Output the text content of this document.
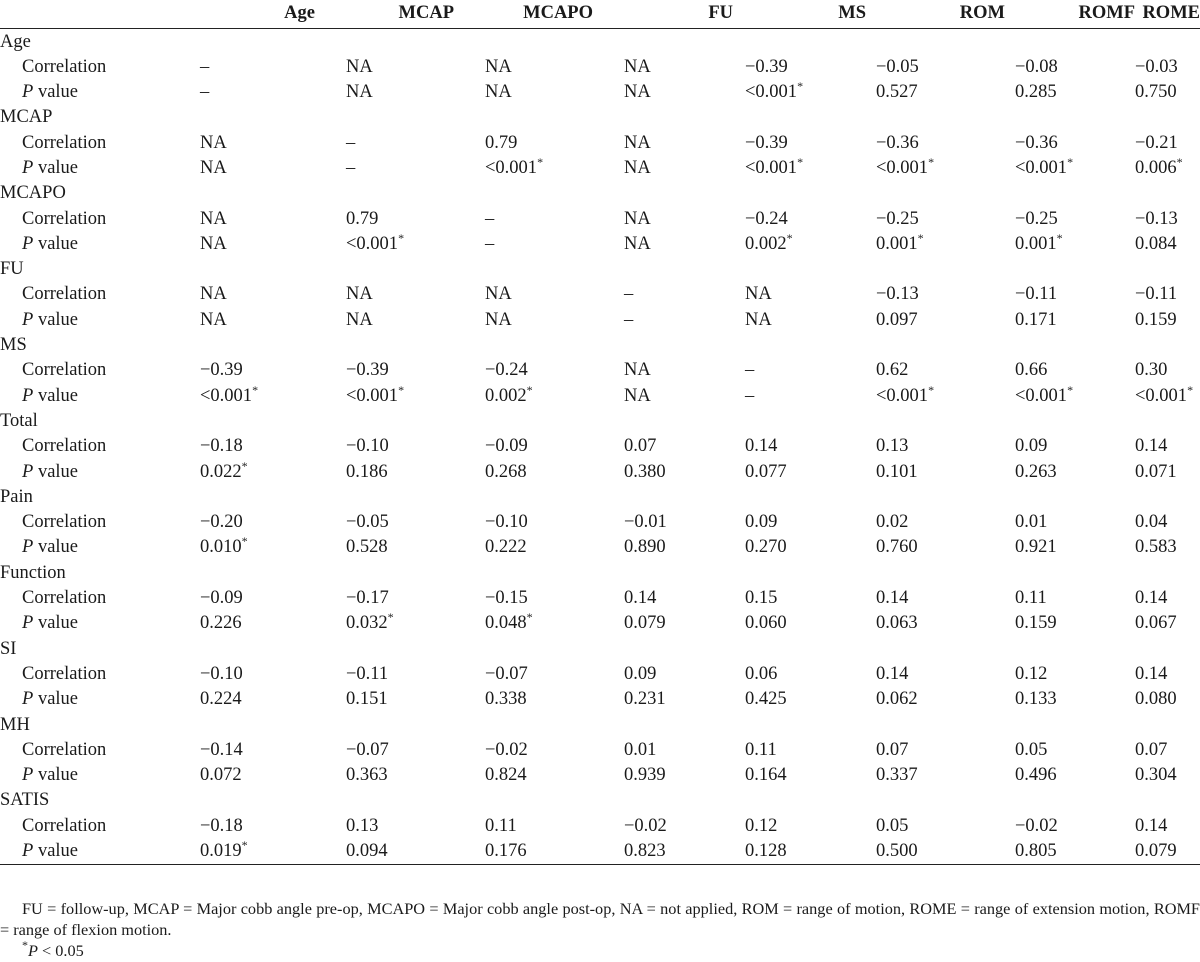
	Age	MCAP	MCAPO	FU	MS	ROM	ROMF	ROME
Age								
Correlation	–	NA	NA	NA	−0.39	−0.05	−0.08	−0.03
P value	–	NA	NA	NA	<0.001*	0.527	0.285	0.750
MCAP								
Correlation	NA	–	0.79	NA	−0.39	−0.36	−0.36	−0.21
P value	NA	–	<0.001*	NA	<0.001*	<0.001*	<0.001*	0.006*
MCAPO								
Correlation	NA	0.79	–	NA	−0.24	−0.25	−0.25	−0.13
P value	NA	<0.001*	–	NA	0.002*	0.001*	0.001*	0.084
FU								
Correlation	NA	NA	NA	–	NA	−0.13	−0.11	−0.11
P value	NA	NA	NA	–	NA	0.097	0.171	0.159
MS								
Correlation	−0.39	−0.39	−0.24	NA	–	0.62	0.66	0.30
P value	<0.001*	<0.001*	0.002*	NA	–	<0.001*	<0.001*	<0.001*
Total								
Correlation	−0.18	−0.10	−0.09	0.07	0.14	0.13	0.09	0.14
P value	0.022*	0.186	0.268	0.380	0.077	0.101	0.263	0.071
Pain								
Correlation	−0.20	−0.05	−0.10	−0.01	0.09	0.02	0.01	0.04
P value	0.010*	0.528	0.222	0.890	0.270	0.760	0.921	0.583
Function								
Correlation	−0.09	−0.17	−0.15	0.14	0.15	0.14	0.11	0.14
P value	0.226	0.032*	0.048*	0.079	0.060	0.063	0.159	0.067
SI								
Correlation	−0.10	−0.11	−0.07	0.09	0.06	0.14	0.12	0.14
P value	0.224	0.151	0.338	0.231	0.425	0.062	0.133	0.080
MH								
Correlation	−0.14	−0.07	−0.02	0.01	0.11	0.07	0.05	0.07
P value	0.072	0.363	0.824	0.939	0.164	0.337	0.496	0.304
SATIS								
Correlation	−0.18	0.13	0.11	−0.02	0.12	0.05	−0.02	0.14
P value	0.019*	0.094	0.176	0.823	0.128	0.500	0.805	0.079

FU = follow-up, MCAP = Major cobb angle pre-op, MCAPO = Major cobb angle post-op, NA = not applied, ROM = range of motion, ROME = range of extension motion, ROMF = range of flexion motion.

*P < 0.05
